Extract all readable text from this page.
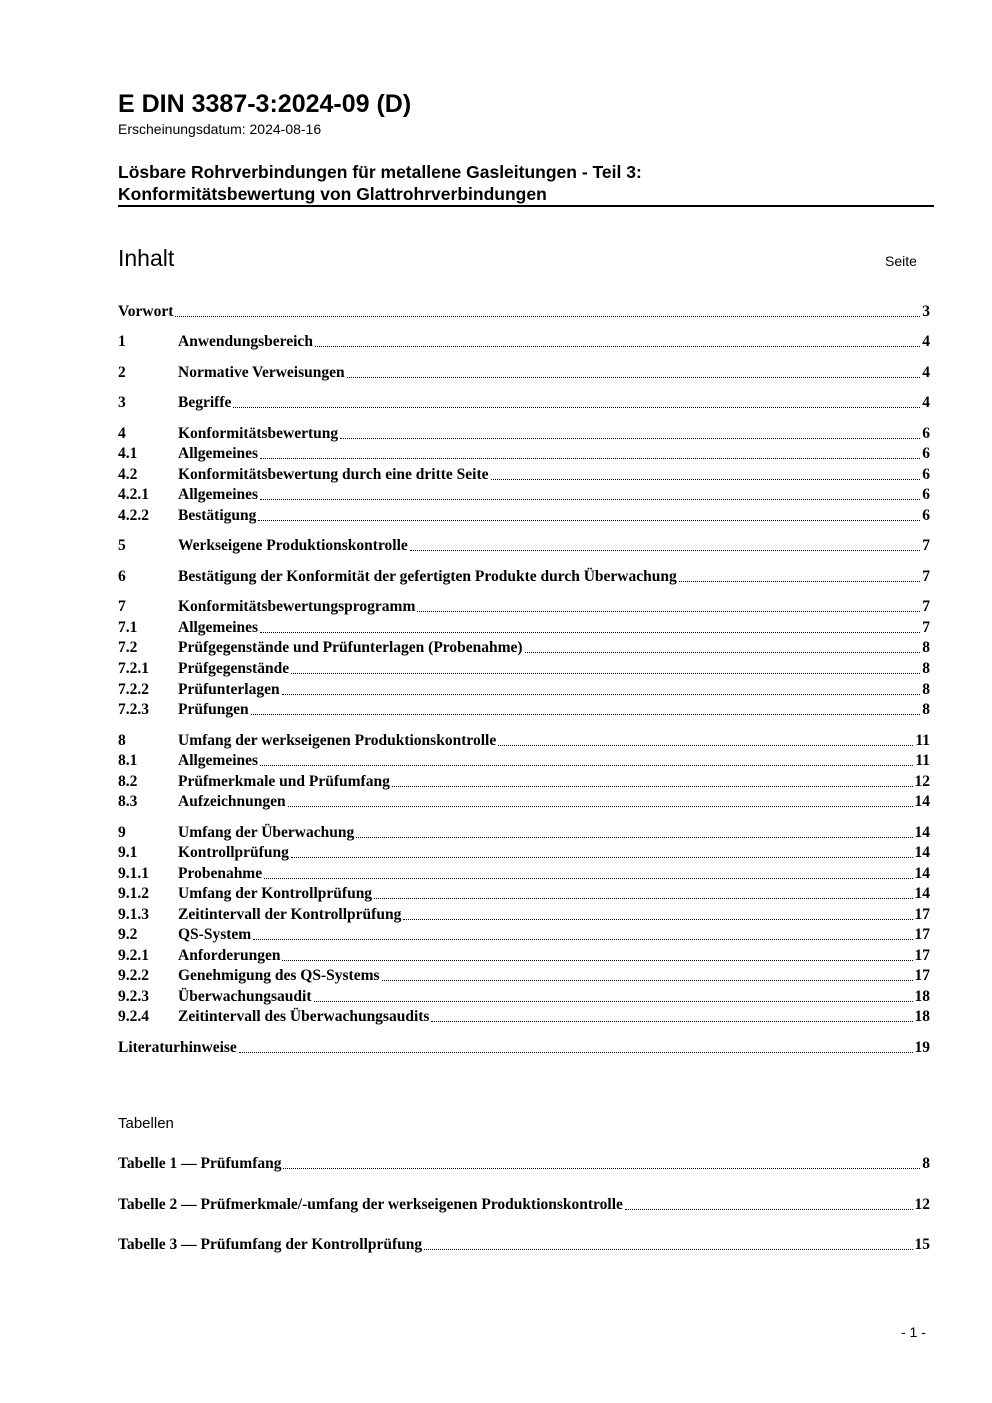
E DIN 3387-3:2024-09 (D)
Erscheinungsdatum: 2024-08-16
Lösbare Rohrverbindungen für metallene Gasleitungen - Teil 3:
Konformitätsbewertung von Glattrohrverbindungen
Inhalt	Seite
Vorwort	3
1	Anwendungsbereich	4
2	Normative Verweisungen	4
3	Begriffe	4
4	Konformitätsbewertung	6
4.1	Allgemeines	6
4.2	Konformitätsbewertung durch eine dritte Seite	6
4.2.1	Allgemeines	6
4.2.2	Bestätigung	6
5	Werkseigene Produktionskontrolle	7
6	Bestätigung der Konformität der gefertigten Produkte durch Überwachung	7
7	Konformitätsbewertungsprogramm	7
7.1	Allgemeines	7
7.2	Prüfgegenstände und Prüfunterlagen (Probenahme)	8
7.2.1	Prüfgegenstände	8
7.2.2	Prüfunterlagen	8
7.2.3	Prüfungen	8
8	Umfang der werkseigenen Produktionskontrolle	11
8.1	Allgemeines	11
8.2	Prüfmerkmale und Prüfumfang	12
8.3	Aufzeichnungen	14
9	Umfang der Überwachung	14
9.1	Kontrollprüfung	14
9.1.1	Probenahme	14
9.1.2	Umfang der Kontrollprüfung	14
9.1.3	Zeitintervall der Kontrollprüfung	17
9.2	QS-System	17
9.2.1	Anforderungen	17
9.2.2	Genehmigung des QS-Systems	17
9.2.3	Überwachungsaudit	18
9.2.4	Zeitintervall des Überwachungsaudits	18
Literaturhinweise	19
Tabellen
Tabelle 1 — Prüfumfang	8
Tabelle 2 — Prüfmerkmale/-umfang der werkseigenen Produktionskontrolle	12
Tabelle 3 — Prüfumfang der Kontrollprüfung	15
- 1 -
